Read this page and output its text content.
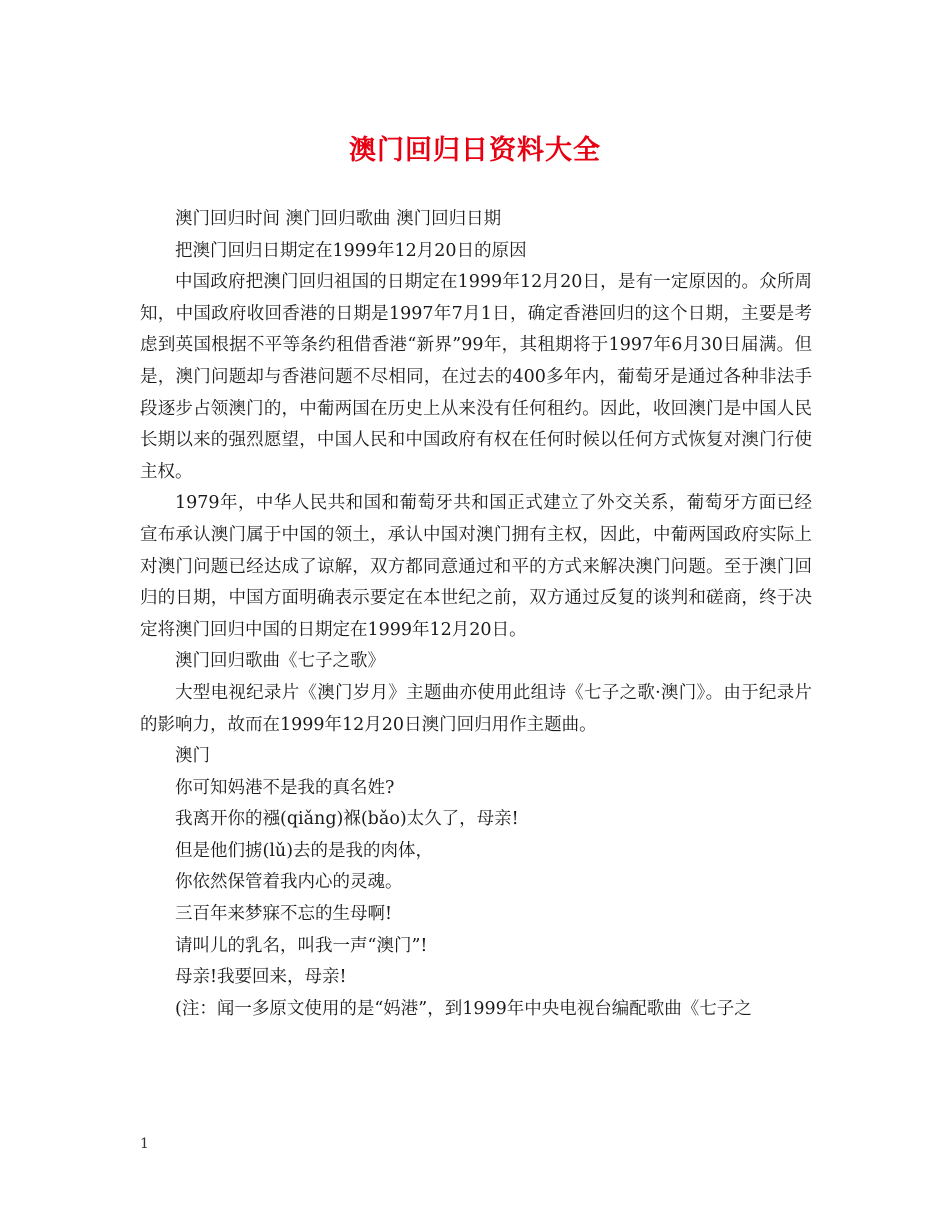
澳门回归日资料大全

澳门回归时间 澳门回归歌曲 澳门回归日期

把澳门回归日期定在1999年12月20日的原因

中国政府把澳门回归祖国的日期定在1999年12月20日，是有一定原因的。众所周知，中国政府收回香港的日期是1997年7月1日，确定香港回归的这个日期，主要是考虑到英国根据不平等条约租借香港“新界”99年，其租期将于1997年6月30日届满。但是，澳门问题却与香港问题不尽相同，在过去的400多年内，葡萄牙是通过各种非法手段逐步占领澳门的，中葡两国在历史上从来没有任何租约。因此，收回澳门是中国人民长期以来的强烈愿望，中国人民和中国政府有权在任何时候以任何方式恢复对澳门行使主权。

1979年，中华人民共和国和葡萄牙共和国正式建立了外交关系，葡萄牙方面已经宣布承认澳门属于中国的领土，承认中国对澳门拥有主权，因此，中葡两国政府实际上对澳门问题已经达成了谅解，双方都同意通过和平的方式来解决澳门问题。至于澳门回归的日期，中国方面明确表示要定在本世纪之前，双方通过反复的谈判和磋商，终于决定将澳门回归中国的日期定在1999年12月20日。

澳门回归歌曲《七子之歌》

大型电视纪录片《澳门岁月》主题曲亦使用此组诗《七子之歌·澳门》。由于纪录片的影响力，故而在1999年12月20日澳门回归用作主题曲。

澳门

你可知妈港不是我的真名姓?

我离开你的襁(qiǎng)褓(bǎo)太久了，母亲!

但是他们掳(lǔ)去的是我的肉体，

你依然保管着我内心的灵魂。

三百年来梦寐不忘的生母啊!

请叫儿的乳名，叫我一声“澳门”!

母亲!我要回来，母亲!

(注：闻一多原文使用的是“妈港”，到1999年中央电视台编配歌曲《七子之

1
